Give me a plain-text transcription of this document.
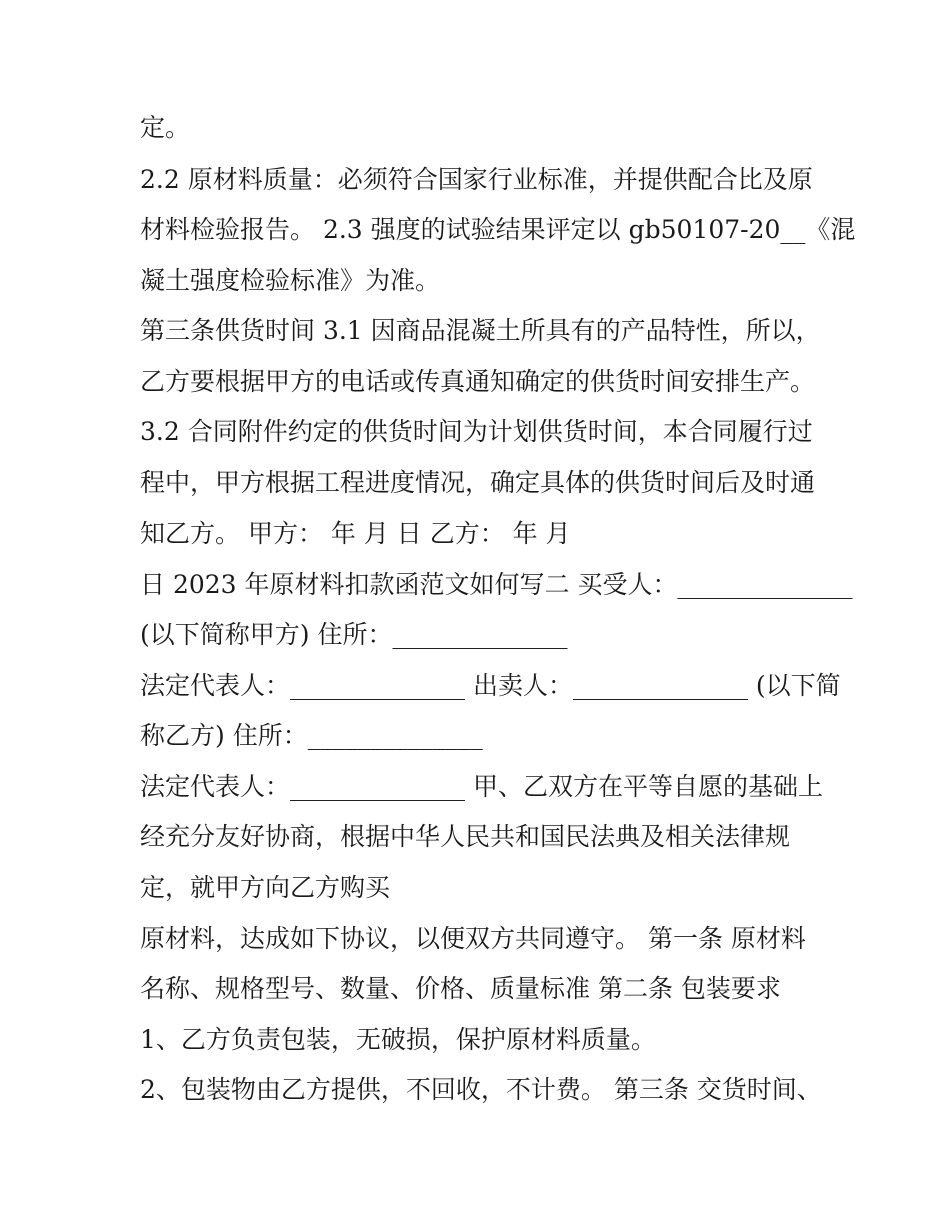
定。
2.2 原材料质量：必须符合国家行业标准，并提供配合比及原
材料检验报告。 2.3 强度的试验结果评定以 gb50107-20__《混
凝土强度检验标准》为准。
第三条供货时间 3.1 因商品混凝土所具有的产品特性，所以，
乙方要根据甲方的电话或传真通知确定的供货时间安排生产。
3.2 合同附件约定的供货时间为计划供货时间，本合同履行过
程中，甲方根据工程进度情况，确定具体的供货时间后及时通
知乙方。 甲方： 年 月 日 乙方： 年 月
日 2023 年原材料扣款函范文如何写二 买受人：______________
(以下简称甲方) 住所：______________
法定代表人：______________ 出卖人：______________ (以下简
称乙方) 住所：______________
法定代表人：______________ 甲、乙双方在平等自愿的基础上
经充分友好协商，根据中华人民共和国民法典及相关法律规
定，就甲方向乙方购买
原材料，达成如下协议，以便双方共同遵守。 第一条 原材料
名称、规格型号、数量、价格、质量标准 第二条 包装要求
1、乙方负责包装，无破损，保护原材料质量。
2、包装物由乙方提供，不回收，不计费。 第三条 交货时间、
